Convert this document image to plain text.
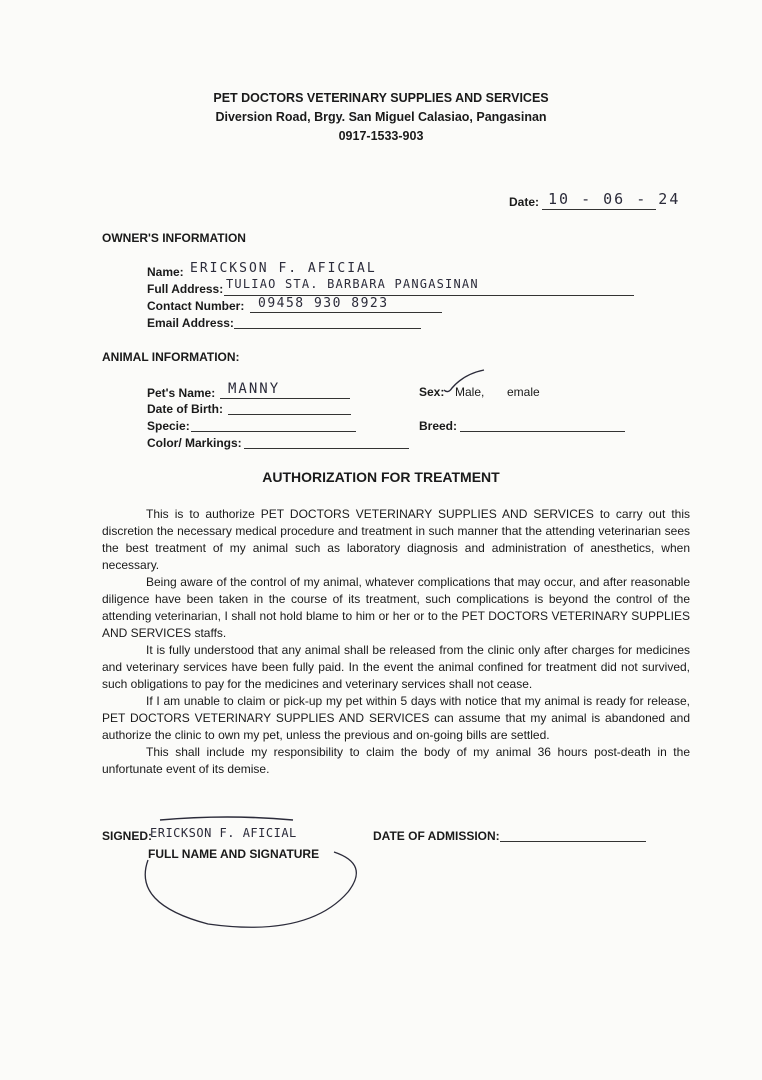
PET DOCTORS VETERINARY SUPPLIES AND SERVICES
Diversion Road, Brgy. San Miguel Calasiao, Pangasinan
0917-1533-903
Date: 10 - 06 - 24
OWNER'S INFORMATION
Name: ERICKSON F. AFICIAL
Full Address: TULIAO STA. BARBARA PANGASINAN
Contact Number: 09458 930 8923
Email Address:
ANIMAL INFORMATION:
Pet's Name: MANNY
Date of Birth:
Specie:
Color/ Markings:
Sex: Male, emale
Breed:
AUTHORIZATION FOR TREATMENT

This is to authorize PET DOCTORS VETERINARY SUPPLIES AND SERVICES to carry out this discretion the necessary medical procedure and treatment in such manner that the attending veterinarian sees the best treatment of my animal such as laboratory diagnosis and administration of anesthetics, when necessary.

Being aware of the control of my animal, whatever complications that may occur, and after reasonable diligence have been taken in the course of its treatment, such complications is beyond the control of the attending veterinarian, I shall not hold blame to him or her or to the PET DOCTORS VETERINARY SUPPLIES AND SERVICES staffs.

It is fully understood that any animal shall be released from the clinic only after charges for medicines and veterinary services have been fully paid. In the event the animal confined for treatment did not survived, such obligations to pay for the medicines and veterinary services shall not cease.

If I am unable to claim or pick-up my pet within 5 days with notice that my animal is ready for release, PET DOCTORS VETERINARY SUPPLIES AND SERVICES can assume that my animal is abandoned and authorize the clinic to own my pet, unless the previous and on-going bills are settled.

This shall include my responsibility to claim the body of my animal 36 hours post-death in the unfortunate event of its demise.

SIGNED:
ERICKSON F. AFICIAL
FULL NAME AND SIGNATURE
DATE OF ADMISSION:
